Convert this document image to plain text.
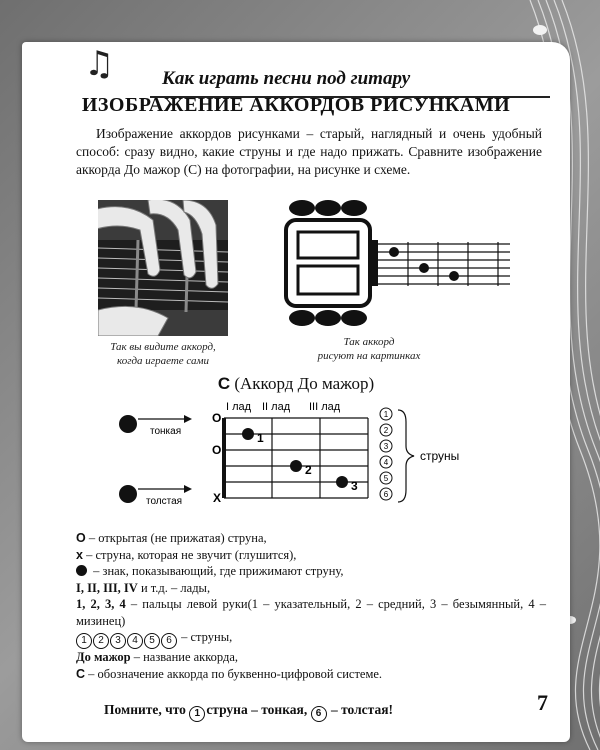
♫	Как играть песни под гитару
ИЗОБРАЖЕНИЕ АККОРДОВ РИСУНКАМИ
Изображение аккордов рисунками – старый, наглядный и очень удобный способ: сразу видно, какие струны и где надо прижать. Сравните изображение аккорда До мажор (C) на фотографии, на рисунке и схеме.
Так вы видите аккорд,
когда играете сами
Так аккорд
рисуют на картинках
C (Аккорд До мажор)
тонкая
толстая
I лад II лад III лад
O
O
X
1
2
3
1
2
3
4
5
6
струны
O – открытая (не прижатая) струна,
x – струна, которая не звучит (глушится),
– знак, показывающий, где прижимают струну,
I, II, III, IV и т.д. – лады,
1, 2, 3, 4 – пальцы левой руки(1 – указательный, 2 – средний, 3 – безымянный, 4 – мизинец)
1 2 3 4 5 6 – струны,
До мажор – название аккорда,
C – обозначение аккорда по буквенно-цифровой системе.
Помните, что 1 струна – тонкая, 6 – толстая!	7
